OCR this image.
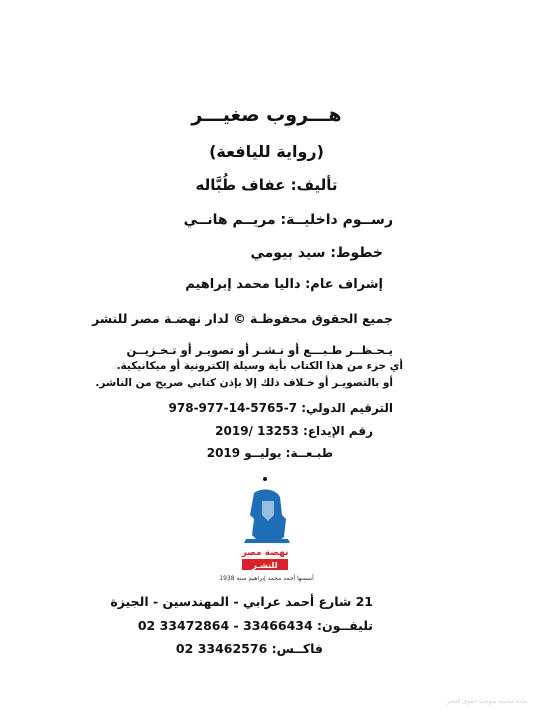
هـــروب صغيـــر
(رواية لليافعة)
تأليف: عفاف طُبَّاله
رســوم داخليــة: مريــم هانــي
خطوط: سيد بيومي
إشراف عام: داليا محمد إبراهيم
جميع الحقوق محفوظـة © لدار نهضـة مصر للنشر
يـحـظــر طـبـــع أو نـشـر أو تصويـر أو تـخـزيــن
أي جزء من هذا الكتاب بأية وسيلة إلكترونية أو ميكانيكية.
أو بالتصويـر أو خـلاف ذلك إلا بإذن كتابي صريح من الناشر.
الترقيم الدولي: 7-5765-14-977-978
رقم الإيداع: 13253 /2019
طبـعــة: يوليــو 2019
نهضة مصر
للنشـر
أسسها أحمد محمد إبراهيم سنة 1938
21 شارع أحمد عرابي - المهندسين - الجيزة
تليفــون: 33466434 - 33472864 02
فاكــس: 33462576 02
مادة محمية بموجب حقوق النشر
